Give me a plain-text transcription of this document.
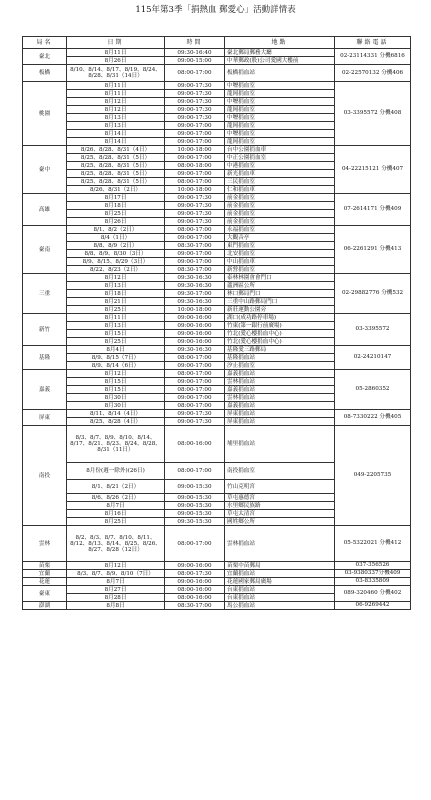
115年第3季「捐熱血 郵愛心」活動詳情表
局名	日期	時間	地點	聯絡電話
臺北	8月11日	09:30-16:40	臺北郵局郵務大廳	02-23114331 分機6816
	8月26日	09:00-15:00	中華郵政(股)公司愛國大樓前	
板橋	8/10、8/14、8/17、8/19、8/24、8/28、8/31（14日）	08:00-17:00	板橋捐血站	02-22570132 分機406
桃園	8月11日	09:00-17:30	中壢捐血室	03-3395572 分機408
	8月11日	09:00-17:30	龍岡捐血室	
	8月12日	09:00-17:30	中壢捐血室	
	8月12日	09:00-17:30	龍岡捐血室	
	8月13日	09:00-17:30	中壢捐血室	
	8月13日	09:00-17:00	龍岡捐血室	
	8月14日	09:00-17:00	中壢捐血室	
	8月14日	09:00-17:00	龍岡捐血室	
臺中	8/26、8/28、8/31（4日）	10:00-18:00	台中公園捐血車	04-22215121 分機407
	8/25、8/28、8/31（5日）	09:00-17:00	中正公園捐血室	
	8/25、8/28、8/31（5日）	08:00-18:00	中港捐血室	
	8/25、8/28、8/31（5日）	09:00-17:00	新光捐血車	
	8/25、8/28、8/31（5日）	08:00-17:00	三民捐血室	
	8/26、8/31（2日）	10:00-18:00	仁和捐血車	
高雄	8月17日	09:00-17:30	前金捐血室	07-2614171 分機409
	8月18日	09:00-17:30	前金捐血室	
	8月25日	09:00-17:30	前金捐血室	
	8月26日	09:00-17:30	前金捐血室	
臺南	8/1、8/2（2日）	08:00-17:00	永福捐血室	06-2261291 分機413
	8/4（1日）	09:00-17:00	大觀音亭	
	8/8、8/9（2日）	08:30-17:00	東門捐血室	
	8/8、8/9、8/30（3日）	09:00-17:00	北安捐血室	
	8/9、8/15、8/29（3日）	09:00-17:00	中山捐血車	
	8/22、8/23（2日）	08:30-17:00	新營捐血室	
三重	8月12日	09:30-16:30	泰林林園會會門口	02-29882776 分機532
	8月13日	09:30-16:30	蘆洲區公所	
	8月18日	09:30-17:00	林口郵局門口	
	8月21日	09:30-16:30	三重中山路郵局門口	
	8月25日	10:00-18:00	新莊運動公園旁	
新竹	8月11日	09:00-16:00	湖口(成功路停車場)	03-3395572
	8月13日	09:00-16:00	竹東(第一銀行前廣場)	
	8月15日	09:00-16:00	竹北(愛心樓捐血中心)	
	8月25日	09:00-16:00	竹北(愛心樓捐血中心)	
基隆	8月4日	09:30-16:30	基隆愛三路郵局	02-24210147
	8/9、8/15（7日）	08:00-17:00	基隆捐血站	
	8/9、8/14（6日）	09:00-17:00	汐止捐血室	
嘉義	8月12日	08:00-17:00	嘉義捐血站	05-2860352
	8月15日	09:00-17:00	雲林捐血站	
	8月15日	08:00-17:00	嘉義捐血站	
	8月30日	09:00-17:00	雲林捐血站	
	8月30日	08:00-17:00	嘉義捐血站	
屏東	8/11、8/14（4日）	09:00-17:30	屏東捐血站	08-7330222 分機405
	8/25、8/28（4日）	09:00-17:30	屏東捐血站	
南投	8/3、8/7、8/9、8/10、8/14、8/17、8/21、8/23、8/24、8/28、8/31（11日）	08:00-16:00	埔里捐血站	049-2205735
	8月份(週一除外)(26日)	08:00-17:00	南投捐血室	
	8/1、8/21（2日）	09:00-15:30	竹山克明宮	
	8/6、8/26（2日）	09:00-15:30	草屯惠德宮	
	8月7日	09:00-15:30	水里鄉民族路	
	8月16日	09:00-15:30	草屯太清宮	
	8月25日	09:30-15:30	國姓鄉公所	
雲林	8/2、8/3、8/7、8/10、8/11、8/12、8/13、8/14、8/25、8/26、8/27、8/28（12日）	08:00-17:00	雲林捐血站	05-5322021 分機412
苗栗	8月12日	09:00-16:00	苗栗中苗郵局	037-356526
宜蘭	8/3、8/7、8/9、8/10（7日）	08:00-17:30	宜蘭捐血站	03-9380337分機409
花蓮	8月7日	09:00-16:00	花蓮國家郵局廣場	03-8335809
臺東	8月27日	08:00-16:00	台東捐血站	089-320460 分機402
	8月28日	08:00-16:00	台東捐血站	
澎湖	8月8日	08:30-17:00	馬公捐血站	06-9269442
